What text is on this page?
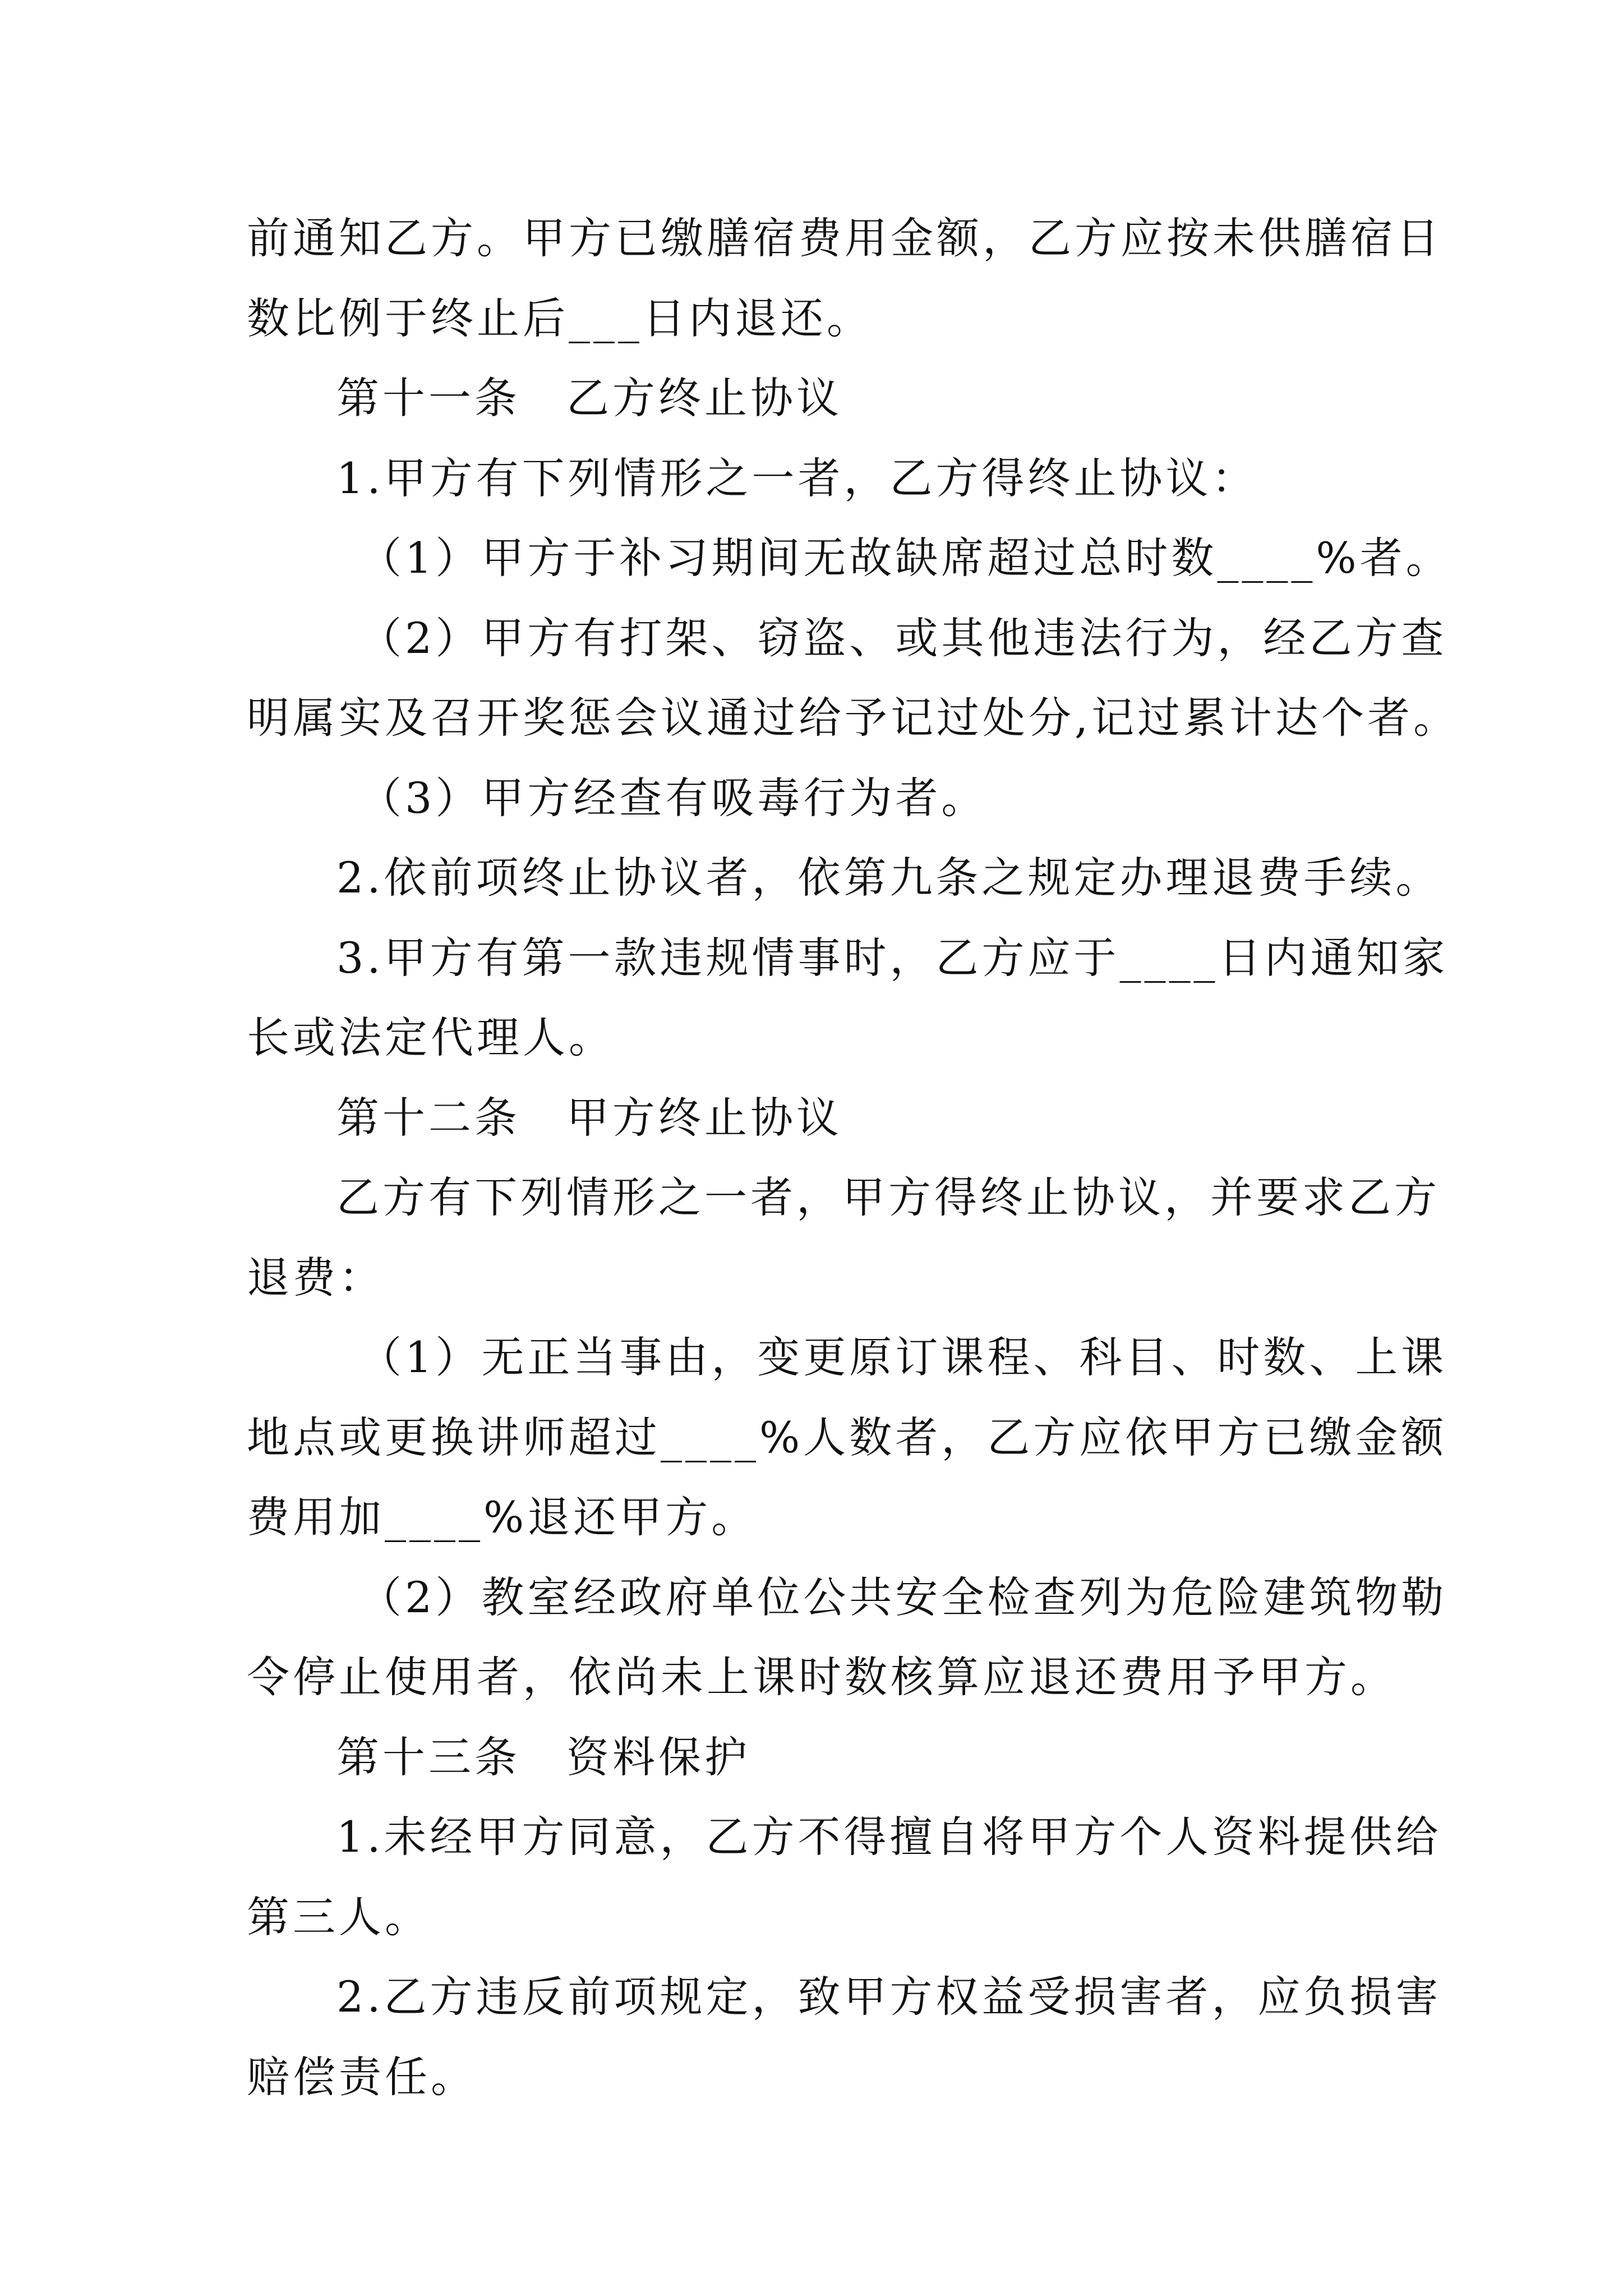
前通知乙方。甲方已缴膳宿费用金额，乙方应按未供膳宿日
数比例于终止后___日内退还。
第十一条　乙方终止协议
1.甲方有下列情形之一者，乙方得终止协议：
（1）甲方于补习期间无故缺席超过总时数____%者。
（2）甲方有打架、窃盗、或其他违法行为，经乙方查
明属实及召开奖惩会议通过给予记过处分,记过累计达个者。
（3）甲方经查有吸毒行为者。
2.依前项终止协议者，依第九条之规定办理退费手续。
3.甲方有第一款违规情事时，乙方应于____日内通知家
长或法定代理人。
第十二条　甲方终止协议
乙方有下列情形之一者，甲方得终止协议，并要求乙方
退费：
（1）无正当事由，变更原订课程、科目、时数、上课
地点或更换讲师超过____%人数者，乙方应依甲方已缴金额
费用加____%退还甲方。
（2）教室经政府单位公共安全检查列为危险建筑物勒
令停止使用者，依尚未上课时数核算应退还费用予甲方。
第十三条　资料保护
1.未经甲方同意，乙方不得擅自将甲方个人资料提供给
第三人。
2.乙方违反前项规定，致甲方权益受损害者，应负损害
赔偿责任。
